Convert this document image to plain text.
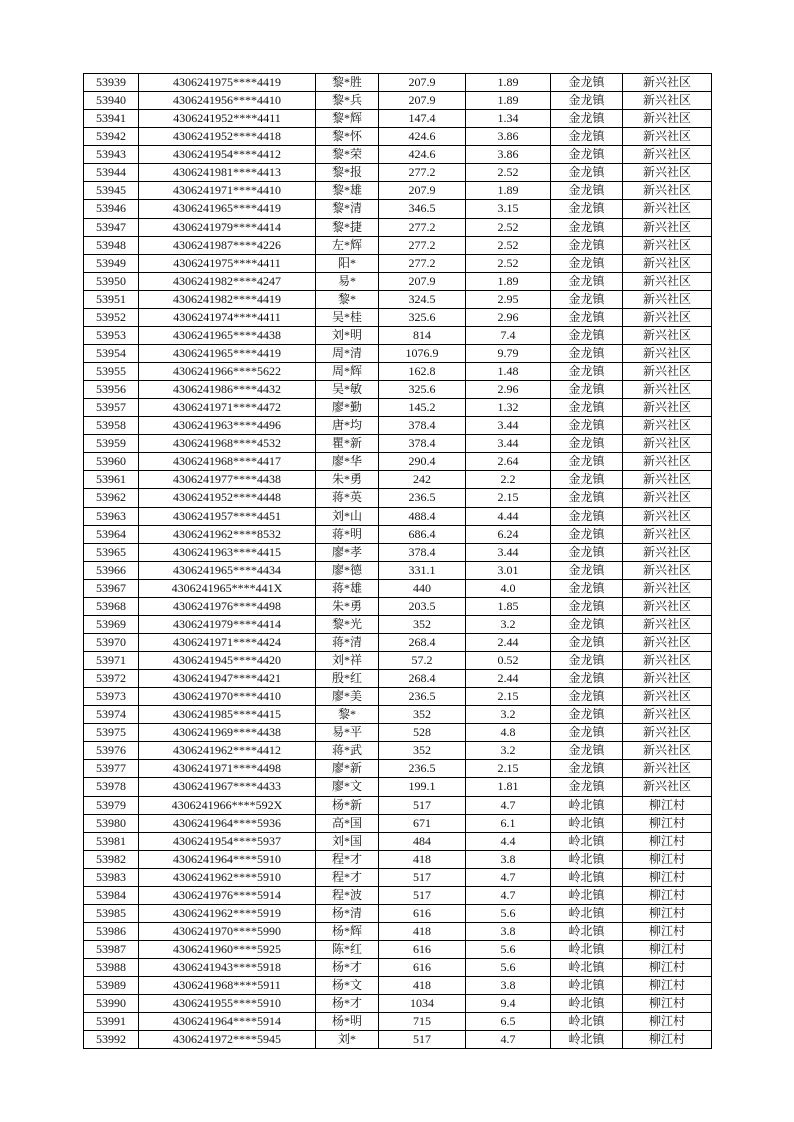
53939	4306241975****4419	黎*胜	207.9	1.89	金龙镇	新兴社区
53940	4306241956****4410	黎*兵	207.9	1.89	金龙镇	新兴社区
53941	4306241952****4411	黎*辉	147.4	1.34	金龙镇	新兴社区
53942	4306241952****4418	黎*怀	424.6	3.86	金龙镇	新兴社区
53943	4306241954****4412	黎*荣	424.6	3.86	金龙镇	新兴社区
53944	4306241981****4413	黎*报	277.2	2.52	金龙镇	新兴社区
53945	4306241971****4410	黎*雄	207.9	1.89	金龙镇	新兴社区
53946	4306241965****4419	黎*清	346.5	3.15	金龙镇	新兴社区
53947	4306241979****4414	黎*捷	277.2	2.52	金龙镇	新兴社区
53948	4306241987****4226	左*辉	277.2	2.52	金龙镇	新兴社区
53949	4306241975****4411	阳*	277.2	2.52	金龙镇	新兴社区
53950	4306241982****4247	易*	207.9	1.89	金龙镇	新兴社区
53951	4306241982****4419	黎*	324.5	2.95	金龙镇	新兴社区
53952	4306241974****4411	吴*桂	325.6	2.96	金龙镇	新兴社区
53953	4306241965****4438	刘*明	814	7.4	金龙镇	新兴社区
53954	4306241965****4419	周*清	1076.9	9.79	金龙镇	新兴社区
53955	4306241966****5622	周*辉	162.8	1.48	金龙镇	新兴社区
53956	4306241986****4432	吴*敏	325.6	2.96	金龙镇	新兴社区
53957	4306241971****4472	廖*勤	145.2	1.32	金龙镇	新兴社区
53958	4306241963****4496	唐*均	378.4	3.44	金龙镇	新兴社区
53959	4306241968****4532	瞿*新	378.4	3.44	金龙镇	新兴社区
53960	4306241968****4417	廖*华	290.4	2.64	金龙镇	新兴社区
53961	4306241977****4438	朱*勇	242	2.2	金龙镇	新兴社区
53962	4306241952****4448	蒋*英	236.5	2.15	金龙镇	新兴社区
53963	4306241957****4451	刘*山	488.4	4.44	金龙镇	新兴社区
53964	4306241962****8532	蒋*明	686.4	6.24	金龙镇	新兴社区
53965	4306241963****4415	廖*孝	378.4	3.44	金龙镇	新兴社区
53966	4306241965****4434	廖*德	331.1	3.01	金龙镇	新兴社区
53967	4306241965****441X	蒋*雄	440	4.0	金龙镇	新兴社区
53968	4306241976****4498	朱*勇	203.5	1.85	金龙镇	新兴社区
53969	4306241979****4414	黎*光	352	3.2	金龙镇	新兴社区
53970	4306241971****4424	蒋*清	268.4	2.44	金龙镇	新兴社区
53971	4306241945****4420	刘*祥	57.2	0.52	金龙镇	新兴社区
53972	4306241947****4421	殷*红	268.4	2.44	金龙镇	新兴社区
53973	4306241970****4410	廖*美	236.5	2.15	金龙镇	新兴社区
53974	4306241985****4415	黎*	352	3.2	金龙镇	新兴社区
53975	4306241969****4438	易*平	528	4.8	金龙镇	新兴社区
53976	4306241962****4412	蒋*武	352	3.2	金龙镇	新兴社区
53977	4306241971****4498	廖*新	236.5	2.15	金龙镇	新兴社区
53978	4306241967****4433	廖*文	199.1	1.81	金龙镇	新兴社区
53979	4306241966****592X	杨*新	517	4.7	岭北镇	柳江村
53980	4306241964****5936	高*国	671	6.1	岭北镇	柳江村
53981	4306241954****5937	刘*国	484	4.4	岭北镇	柳江村
53982	4306241964****5910	程*才	418	3.8	岭北镇	柳江村
53983	4306241962****5910	程*才	517	4.7	岭北镇	柳江村
53984	4306241976****5914	程*波	517	4.7	岭北镇	柳江村
53985	4306241962****5919	杨*清	616	5.6	岭北镇	柳江村
53986	4306241970****5990	杨*辉	418	3.8	岭北镇	柳江村
53987	4306241960****5925	陈*红	616	5.6	岭北镇	柳江村
53988	4306241943****5918	杨*才	616	5.6	岭北镇	柳江村
53989	4306241968****5911	杨*文	418	3.8	岭北镇	柳江村
53990	4306241955****5910	杨*才	1034	9.4	岭北镇	柳江村
53991	4306241964****5914	杨*明	715	6.5	岭北镇	柳江村
53992	4306241972****5945	刘*	517	4.7	岭北镇	柳江村
